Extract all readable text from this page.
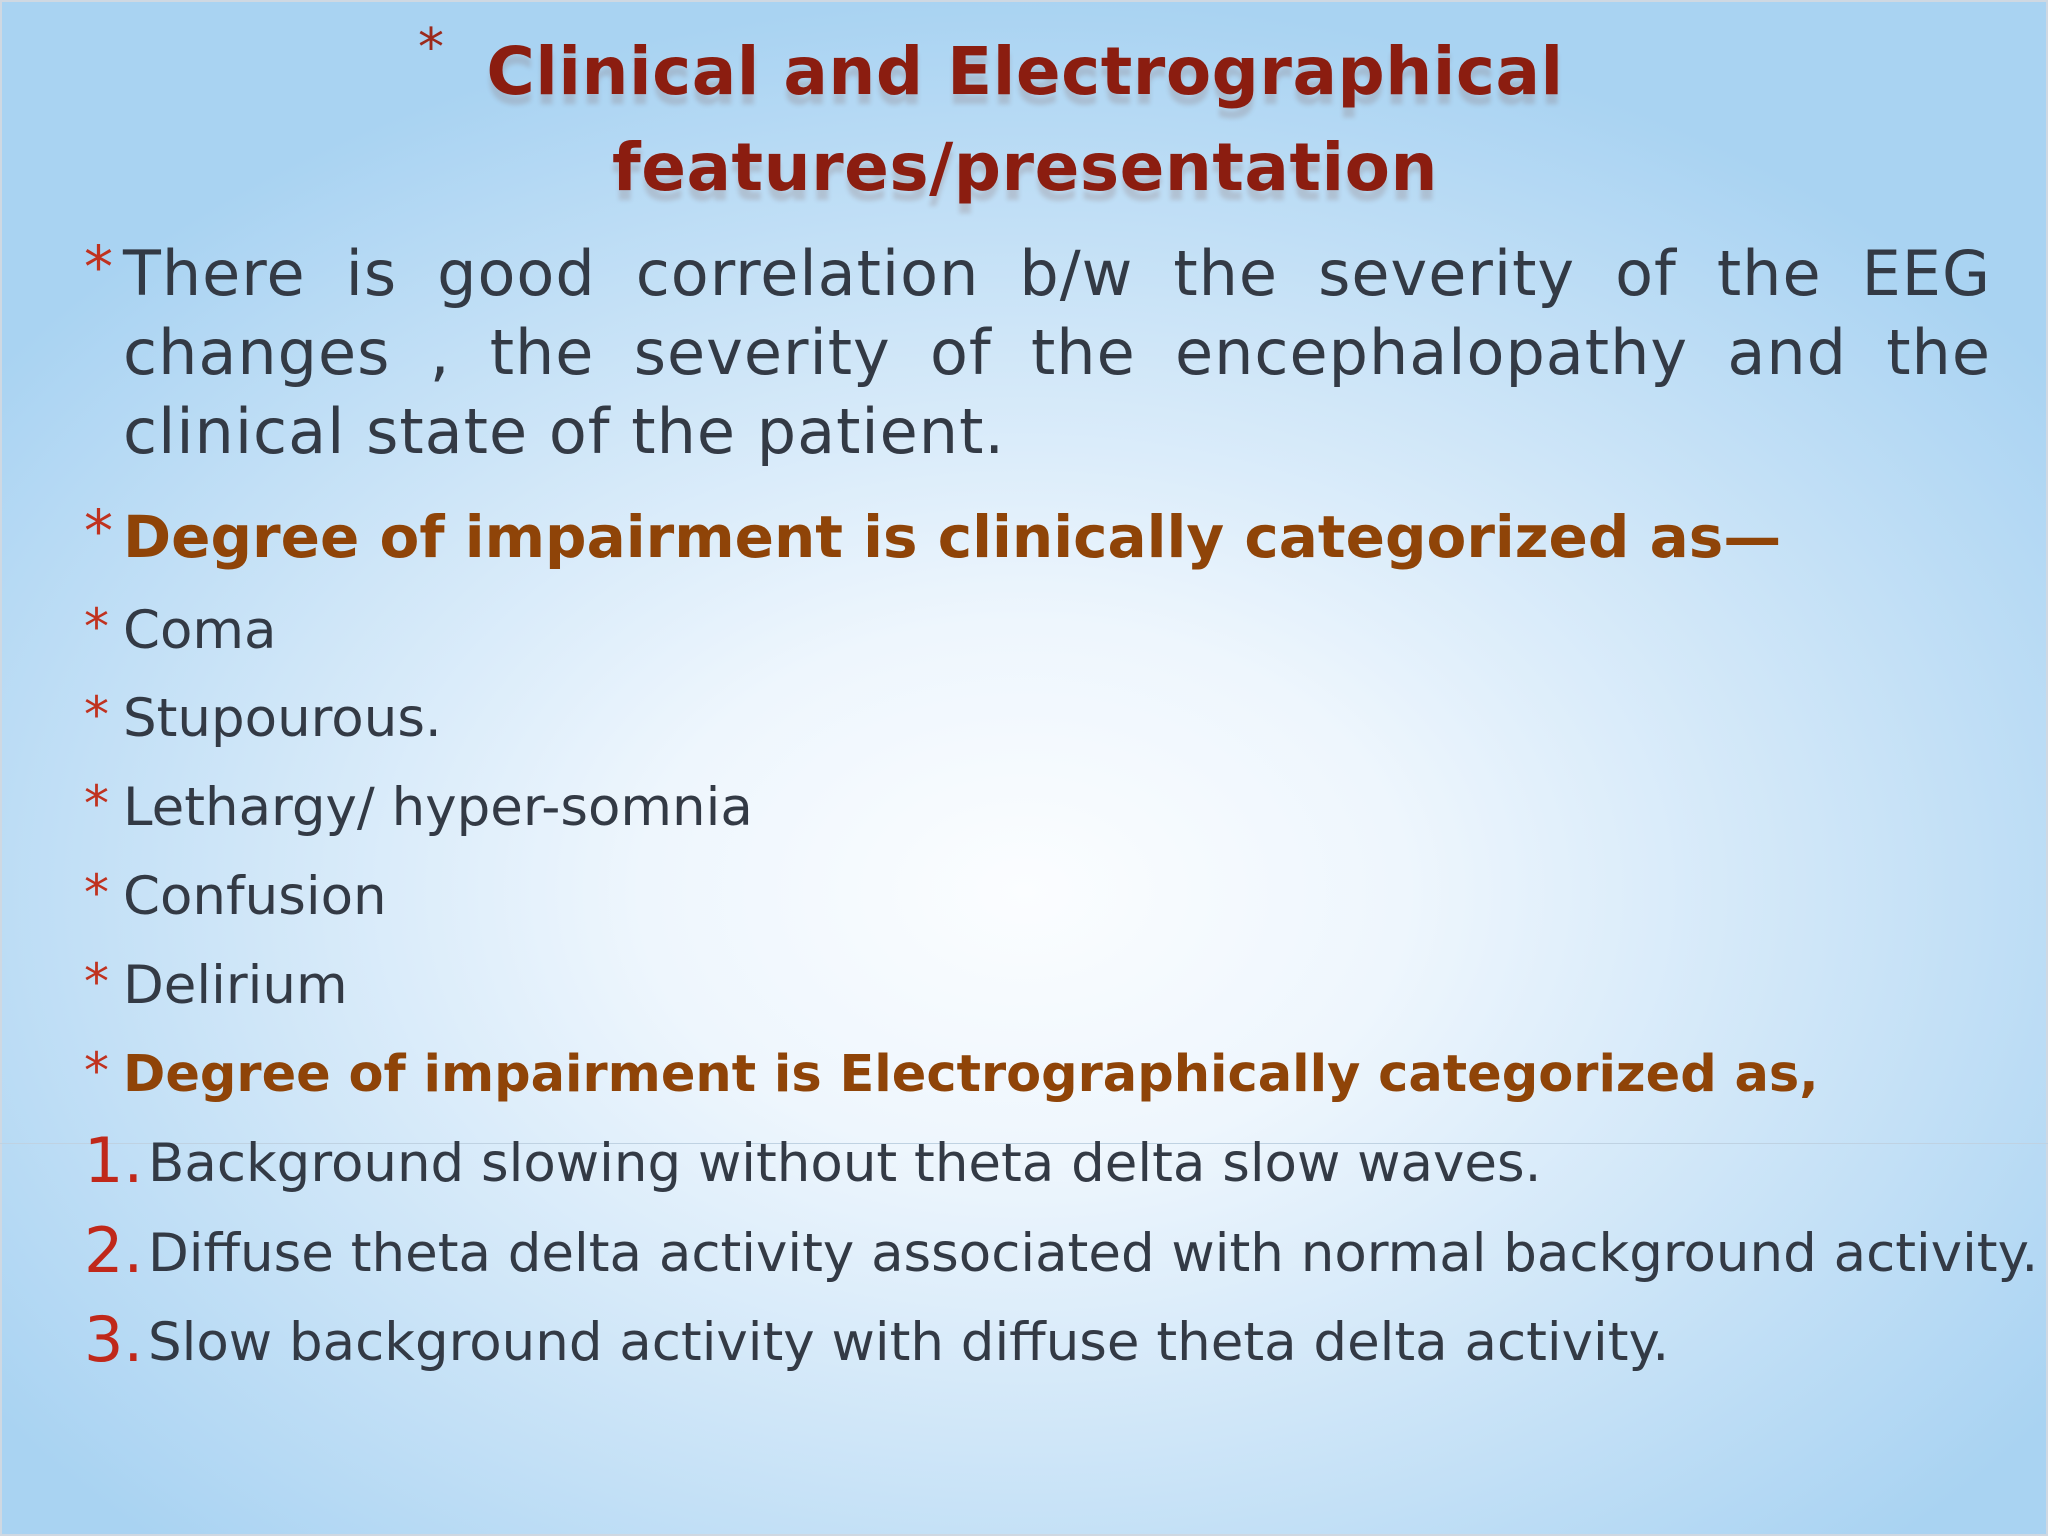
* Clinical and Electrographical features/presentation
* There is good correlation b/w the severity of the EEG changes , the severity of the encephalopathy and the clinical state of the patient.
* Degree of impairment is clinically categorized as—
* Coma
* Stupourous.
* Lethargy/ hyper-somnia
* Confusion
* Delirium
* Degree of impairment is Electrographically categorized as,
1. Background slowing without theta delta slow waves.
2. Diffuse theta delta activity associated with normal background activity.
3. Slow background activity with diffuse theta delta activity.
